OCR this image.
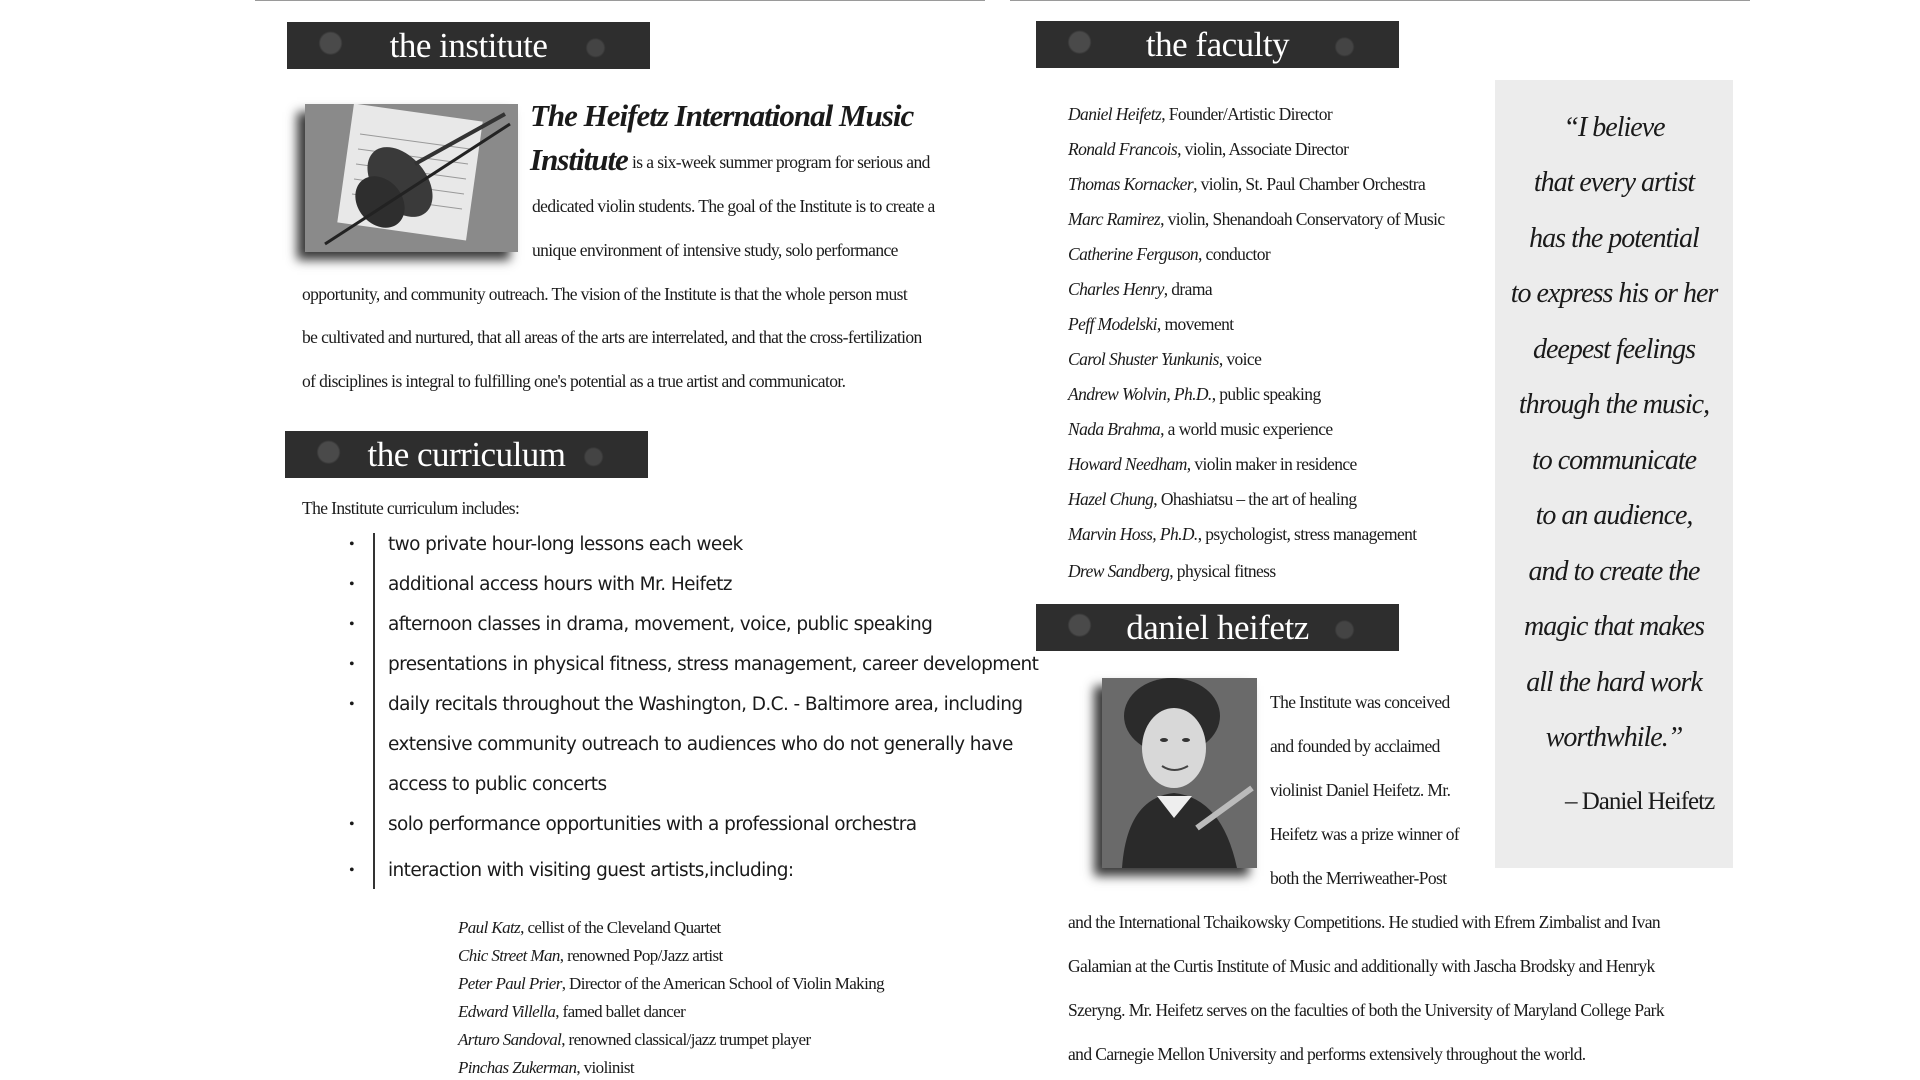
the institute
The Heifetz International Music
Institute is a six-week summer program for serious and
dedicated violin students. The goal of the Institute is to create a
unique environment of intensive study, solo performance
opportunity, and community outreach. The vision of the Institute is that the whole person must
be cultivated and nurtured, that all areas of the arts are interrelated, and that the cross-fertilization
of disciplines is integral to fulfilling one's potential as a true artist and communicator.
the curriculum
The Institute curriculum includes:
• two private hour-long lessons each week
• additional access hours with Mr. Heifetz
• afternoon classes in drama, movement, voice, public speaking
• presentations in physical fitness, stress management, career development
• daily recitals throughout the Washington, D.C. - Baltimore area, including
extensive community outreach to audiences who do not generally have
access to public concerts
• solo performance opportunities with a professional orchestra
• interaction with visiting guest artists,including:
Paul Katz, cellist of the Cleveland Quartet
Chic Street Man, renowned Pop/Jazz artist
Peter Paul Prier, Director of the American School of Violin Making
Edward Villella, famed ballet dancer
Arturo Sandoval, renowned classical/jazz trumpet player
Pinchas Zukerman, violinist
the faculty
Daniel Heifetz, Founder/Artistic Director
Ronald Francois, violin, Associate Director
Thomas Kornacker, violin, St. Paul Chamber Orchestra
Marc Ramirez, violin, Shenandoah Conservatory of Music
Catherine Ferguson, conductor
Charles Henry, drama
Peff Modelski, movement
Carol Shuster Yunkunis, voice
Andrew Wolvin, Ph.D., public speaking
Nada Brahma, a world music experience
Howard Needham, violin maker in residence
Hazel Chung, Ohashiatsu – the art of healing
Marvin Hoss, Ph.D., psychologist, stress management
Drew Sandberg, physical fitness
“I believe
that every artist
has the potential
to express his or her
deepest feelings
through the music,
to communicate
to an audience,
and to create the
magic that makes
all the hard work
worthwhile.”
– Daniel Heifetz
daniel heifetz
The Institute was conceived
and founded by acclaimed
violinist Daniel Heifetz. Mr.
Heifetz was a prize winner of
both the Merriweather-Post
and the International Tchaikowsky Competitions. He studied with Efrem Zimbalist and Ivan
Galamian at the Curtis Institute of Music and additionally with Jascha Brodsky and Henryk
Szeryng. Mr. Heifetz serves on the faculties of both the University of Maryland College Park
and Carnegie Mellon University and performs extensively throughout the world.
